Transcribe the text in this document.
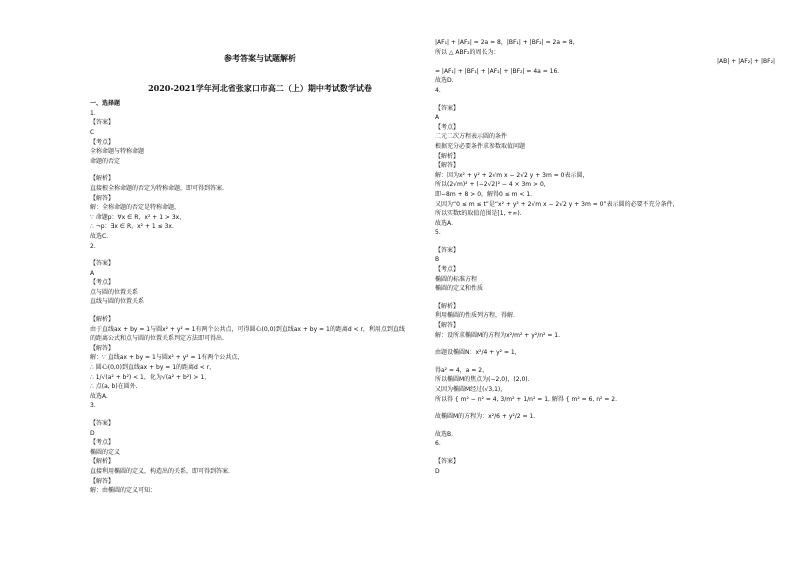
参考答案与试题解析
2020-2021学年河北省张家口市高二（上）期中考试数学试卷
一、选择题
1.
【答案】
C
【考点】
全称命题与特称命题
命题的否定
【解析】
直接根全称命题的否定为特称命题，即可得到答案.
【解答】
解：全称命题的否定是特称命题，
∵ 命题p：∀x ∈ R，x² + 1 > 3x，
∴ ¬p：∃x ∈ R，x² + 1 ≤ 3x.
故选C.
2.
【答案】
A
【考点】
点与圆的位置关系
直线与圆的位置关系
【解析】
由于直线ax + by = 1与圆x² + y² = 1有两个公共点，可得圆心(0,0)到直线ax + by = 1的距离d < r，利用点到直线
的距离公式和点与圆的位置关系判定方法即可得出.
【解答】
解：∵ 直线ax + by = 1与圆x² + y² = 1有两个公共点，
∴ 圆心(0,0)到直线ax + by = 1的距离d < r，
∴ 1/√(a² + b²) < 1，化为√(a² + b²) > 1，
∴ 点(a, b)在圆外.
故选A.
3.
【答案】
D
【考点】
椭圆的定义
【解析】
直接利用椭圆的定义，构造出的关系，即可得到答案.
【解答】
解：由椭圆的定义可知：
|AF₁| + |AF₂| = 2a = 8，|BF₁| + |BF₂| = 2a = 8，
所以 △ ABF₂的周长为：
|AB| + |AF₂| + |BF₂|
= |AF₁| + |BF₁| + |AF₂| + |BF₂| = 4a = 16.
故选D.
4.
【答案】
A
【考点】
二元二次方程表示圆的条件
根据充分必要条件求参数取值问题
【解析】
【解答】
解：因为x² + y² + 2√m x − 2√2 y + 3m = 0表示圆，
所以(2√m)² + (−2√2)² − 4 × 3m > 0，
即−8m + 8 > 0，解得0 ≤ m < 1.
又因为“0 ≤ m ≤ t”是“x² + y² + 2√m x − 2√2 y + 3m = 0”表示圆的必要不充分条件，
所以实数t的取值范围是[1, +∞).
故选A.
5.
【答案】
B
【考点】
椭圆的标准方程
椭圆的定义和性质
【解析】
利用椭圆的性质列方程，得解.
【解答】
解：设所求椭圆M的方程为x²/m² + y²/n² = 1.
由题设椭圆N：x²/4 + y² = 1，
得a² = 4，a = 2，
所以椭圆M的焦点为(−2,0)，(2,0).
又因为椭圆M经过(√3,1)，
所以得 { m² − n² = 4, 3/m² + 1/n² = 1, 解得 { m² = 6, n² = 2.
故椭圆M的方程为：x²/6 + y²/2 = 1.
故选B.
6.
【答案】
D
